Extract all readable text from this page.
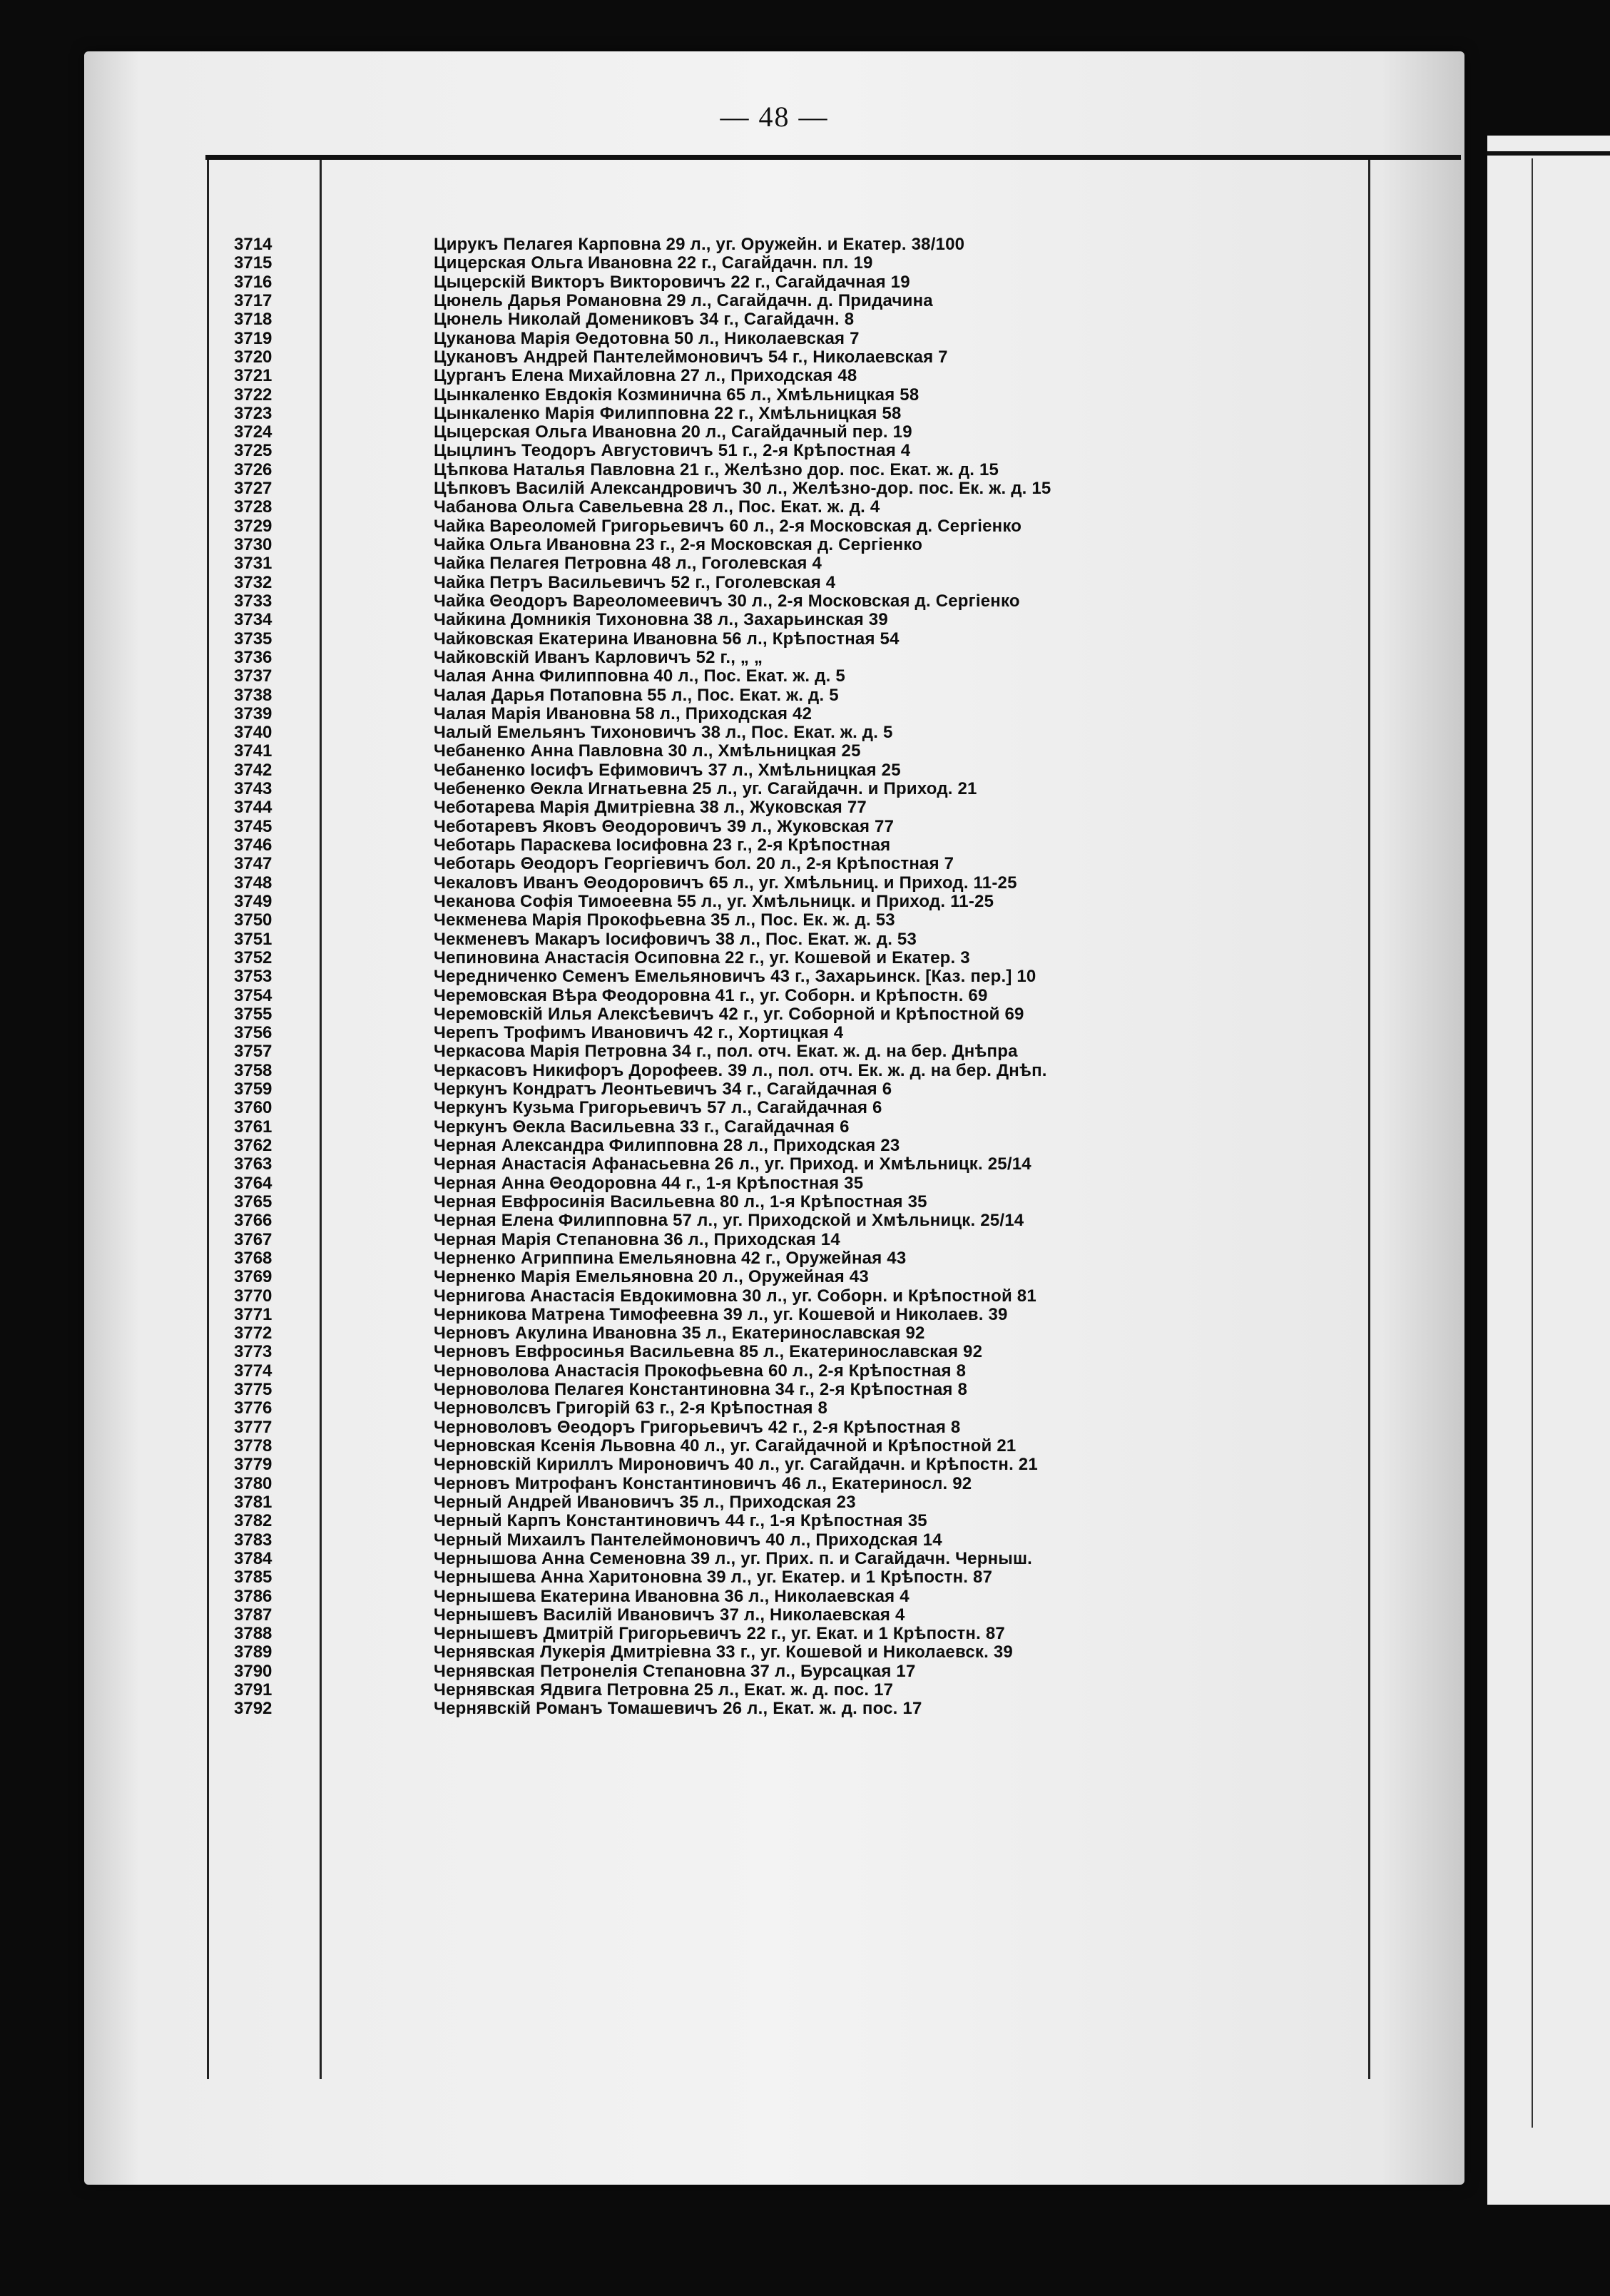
— 48 —
3714	Цирукъ Пелагея Карповна 29 л., уг. Оружейн. и Екатер. 38/100
3715	Цицерская Ольга Ивановна 22 г., Сагайдачн. пл. 19
3716	Цыцерскій Викторъ Викторовичъ 22 г., Сагайдачная 19
3717	Цюнель Дарья Романовна 29 л., Сагайдачн. д. Придачина
3718	Цюнель Николай Домениковъ 34 г., Сагайдачн. 8
3719	Цуканова Марія Θедотовна 50 л., Николаевская 7
3720	Цукановъ Андрей Пантелеймоновичъ 54 г., Николаевская 7
3721	Цурганъ Елена Михайловна 27 л., Приходская 48
3722	Цынкаленко Евдокія Козминична 65 л., Хмѣльницкая 58
3723	Цынкаленко Марія Филипповна 22 г., Хмѣльницкая 58
3724	Цыцерская Ольга Ивановна 20 л., Сагайдачный пер. 19
3725	Цыцлинъ Теодоръ Августовичъ 51 г., 2-я Крѣпостная 4
3726	Цѣпкова Наталья Павловна 21 г., Желѣзно дор. пос. Екат. ж. д. 15
3727	Цѣпковъ Василій Александровичъ 30 л., Желѣзно-дор. пос. Ек. ж. д. 15
3728	Чабанова Ольга Савельевна 28 л., Пос. Екат. ж. д. 4
3729	Чайка Вареоломей Григорьевичъ 60 л., 2-я Московская д. Сергіенко
3730	Чайка Ольга Ивановна 23 г., 2-я Московская д. Сергіенко
3731	Чайка Пелагея Петровна 48 л., Гоголевская 4
3732	Чайка Петръ Васильевичъ 52 г., Гоголевская 4
3733	Чайка Θеодоръ Вареоломеевичъ 30 л., 2-я Московская д. Сергіенко
3734	Чайкина Домникія Тихоновна 38 л., Захарьинская 39
3735	Чайковская Екатерина Ивановна 56 л., Крѣпостная 54
3736	Чайковскій Иванъ Карловичъ 52 г., „ „
3737	Чалая Анна Филипповна 40 л., Пос. Екат. ж. д. 5
3738	Чалая Дарья Потаповна 55 л., Пос. Екат. ж. д. 5
3739	Чалая Марія Ивановна 58 л., Приходская 42
3740	Чалый Емельянъ Тихоновичъ 38 л., Пос. Екат. ж. д. 5
3741	Чебаненко Анна Павловна 30 л., Хмѣльницкая 25
3742	Чебаненко Іосифъ Ефимовичъ 37 л., Хмѣльницкая 25
3743	Чебененко Θекла Игнатьевна 25 л., уг. Сагайдачн. и Приход. 21
3744	Чеботарева Марія Дмитріевна 38 л., Жуковская 77
3745	Чеботаревъ Яковъ Θеодоровичъ 39 л., Жуковская 77
3746	Чеботарь Параскева Іосифовна 23 г., 2-я Крѣпостная
3747	Чеботарь Θеодоръ Георгіевичъ бол. 20 л., 2-я Крѣпостная 7
3748	Чекаловъ Иванъ Θеодоровичъ 65 л., уг. Хмѣльниц. и Приход. 11-25
3749	Чеканова Софія Тимоеевна 55 л., уг. Хмѣльницк. и Приход. 11-25
3750	Чекменева Марія Прокофьевна 35 л., Пос. Ек. ж. д. 53
3751	Чекменевъ Макаръ Іосифовичъ 38 л., Пос. Екат. ж. д. 53
3752	Чепиновина Анастасія Осиповна 22 г., уг. Кошевой и Екатер. 3
3753	Чередниченко Семенъ Емельяновичъ 43 г., Захарьинск. [Каз. пер.] 10
3754	Черемовская Вѣра Феодоровна 41 г., уг. Соборн. и Крѣпостн. 69
3755	Черемовскій Илья Алексѣевичъ 42 г., уг. Соборной и Крѣпостной 69
3756	Черепъ Трофимъ Ивановичъ 42 г., Хортицкая 4
3757	Черкасова Марія Петровна 34 г., пол. отч. Екат. ж. д. на бер. Днѣпра
3758	Черкасовъ Никифоръ Дорофеев. 39 л., пол. отч. Ек. ж. д. на бер. Днѣп.
3759	Черкунъ Кондратъ Леонтьевичъ 34 г., Сагайдачная 6
3760	Черкунъ Кузьма Григорьевичъ 57 л., Сагайдачная 6
3761	Черкунъ Θекла Васильевна 33 г., Сагайдачная 6
3762	Черная Александра Филипповна 28 л., Приходская 23
3763	Черная Анастасія Афанасьевна 26 л., уг. Приход. и Хмѣльницк. 25/14
3764	Черная Анна Θеодоровна 44 г., 1-я Крѣпостная 35
3765	Черная Евфросинія Васильевна 80 л., 1-я Крѣпостная 35
3766	Черная Елена Филипповна 57 л., уг. Приходской и Хмѣльницк. 25/14
3767	Черная Марія Степановна 36 л., Приходская 14
3768	Черненко Агриппина Емельяновна 42 г., Оружейная 43
3769	Черненко Марія Емельяновна 20 л., Оружейная 43
3770	Чернигова Анастасія Евдокимовна 30 л., уг. Соборн. и Крѣпостной 81
3771	Черникова Матрена Тимофеевна 39 л., уг. Кошевой и Николаев. 39
3772	Черновъ Акулина Ивановна 35 л., Екатеринославская 92
3773	Черновъ Евфросинья Васильевна 85 л., Екатеринославская 92
3774	Черноволова Анастасія Прокофьевна 60 л., 2-я Крѣпостная 8
3775	Черноволова Пелагея Константиновна 34 г., 2-я Крѣпостная 8
3776	Черноволсвъ Григорій 63 г., 2-я Крѣпостная 8
3777	Черноволовъ Θеодоръ Григорьевичъ 42 г., 2-я Крѣпостная 8
3778	Черновская Ксенія Львовна 40 л., уг. Сагайдачной и Крѣпостной 21
3779	Черновскій Кириллъ Мироновичъ 40 л., уг. Сагайдачн. и Крѣпостн. 21
3780	Черновъ Митрофанъ Константиновичъ 46 л., Екатериносл. 92
3781	Черный Андрей Ивановичъ 35 л., Приходская 23
3782	Черный Карпъ Константиновичъ 44 г., 1-я Крѣпостная 35
3783	Черный Михаилъ Пантелеймоновичъ 40 л., Приходская 14
3784	Чернышова Анна Семеновна 39 л., уг. Прих. п. и Сагайдачн. Черныш.
3785	Чернышева Анна Харитоновна 39 л., уг. Екатер. и 1 Крѣпостн. 87
3786	Чернышева Екатерина Ивановна 36 л., Николаевская 4
3787	Чернышевъ Василій Ивановичъ 37 л., Николаевская 4
3788	Чернышевъ Дмитрій Григорьевичъ 22 г., уг. Екат. и 1 Крѣпостн. 87
3789	Чернявская Лукерія Дмитріевна 33 г., уг. Кошевой и Николаевск. 39
3790	Чернявская Петронелія Степановна 37 л., Бурсацкая 17
3791	Чернявская Ядвига Петровна 25 л., Екат. ж. д. пос. 17
3792	Чернявскій Романъ Томашевичъ 26 л., Екат. ж. д. пос. 17
